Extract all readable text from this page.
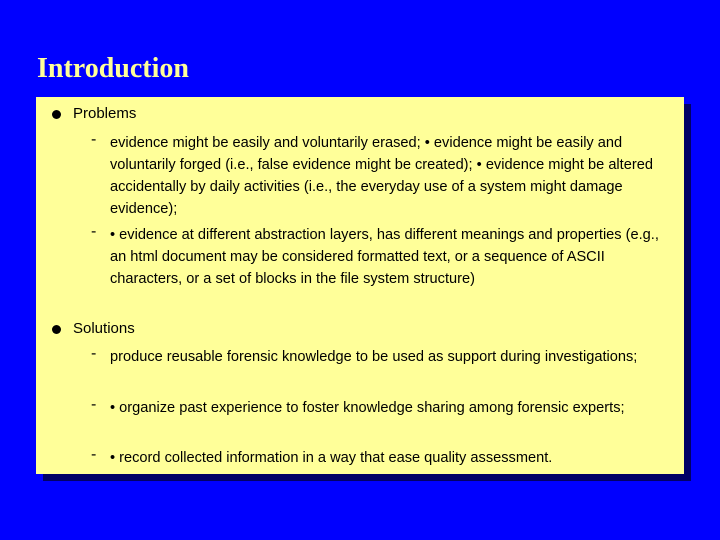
Introduction
Problems
- evidence might be easily and voluntarily erased; • evidence might be easily and voluntarily forged (i.e., false evidence might be created); • evidence might be altered accidentally by daily activities (i.e., the everyday use of a system might damage evidence);
- • evidence at different abstraction layers, has different meanings and properties (e.g., an html document may be considered formatted text, or a sequence of ASCII characters, or a set of blocks in the file system structure)
Solutions
- produce reusable forensic knowledge to be used as support during investigations;
- • organize past experience to foster knowledge sharing among forensic experts;
- • record collected information in a way that ease quality assessment.
